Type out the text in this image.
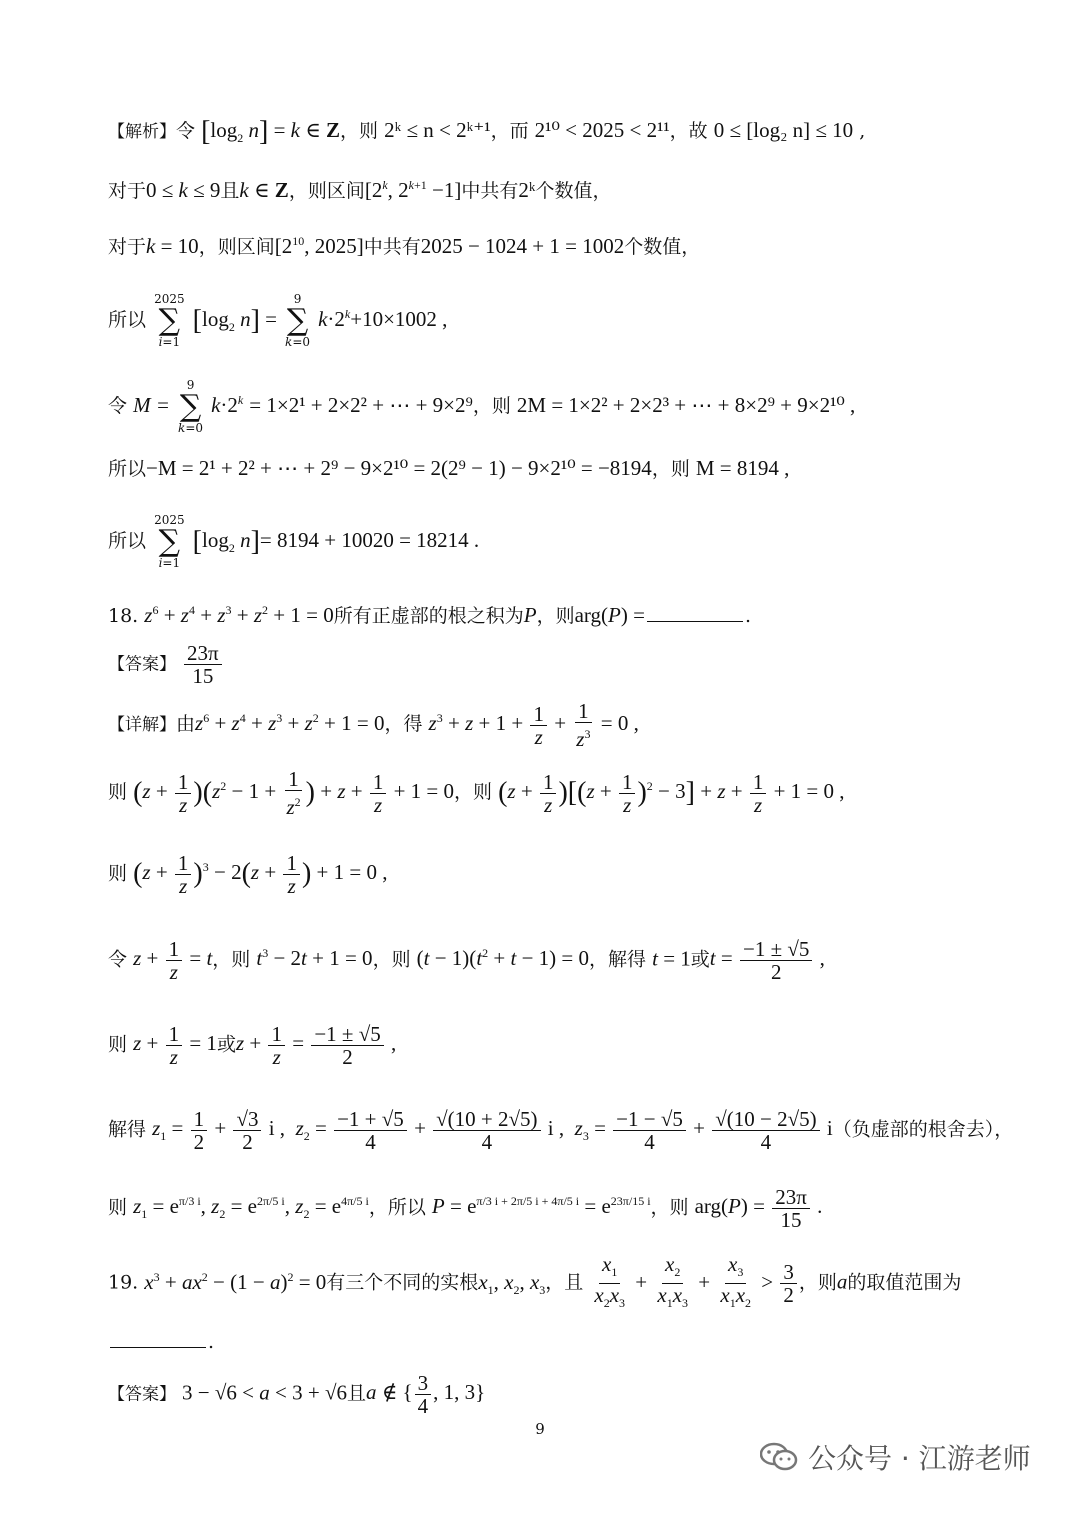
【解析】令 [$\log_2$ n] = k ∈ Z，则 2ᵏ ≤ n < 2ᵏ⁺¹，而 2¹⁰ < 2025 < 2¹¹，故 0 ≤ [log₂ n] ≤ 10 ,
对于0 ≤ k ≤ 9且k ∈ Z，则区间[2$^k$, $2^{k+1} -1$]中共有2ᵏ个数值，
对于k = 10，则区间[$2^{10}$, 2025]中共有2025 − 1024 + 1 = 1002个数值，
所以
2025
∑
i=1
[$\log_2$ n] =
9
∑
k=0
$k\cdot 2^k+10\times 1002$ ,
令 M =
9
∑
k=0
$k\cdot 2^k = 1\times 2^1 + 2\times 2^2$ + ⋯ + 9×2⁹，则 2M = 1×2² + 2×2³ + ⋯ + 8×2⁹ + 9×2¹⁰ ,
所以−M = 2¹ + 2² + ⋯ + 2⁹ − 9×2¹⁰ = 2(2⁹ − 1) − 9×2¹⁰ = −8194，则 M = 8194 ,
所以
2025
∑
i=1
[$\log_2$ n]= 8194 + 10020 = 18214 .
18. $z^6 + z^4 + z^3 + z^2 + 1 = 0$所有正虚部的根之积为P，则arg(P) =	.
【答案】 $\frac{23\pi}{15}$
【详解】由$z^6 + z^4 + z^3 + z^2 + 1 = 0$，得 $z^3 + z + 1 + \frac{1}{z} + \frac{1}{z^3} = 0$ ,
则 $(z + \frac{1}{z} )(z^2 - 1 + \frac{1}{z^2}$ ) + $z + \frac{1}{z} + 1 = 0$，则 $(z + \frac{1}{z} )[(z + \frac{1}{z} )^2 - 3] + z + \frac{1}{z} + 1 = 0$ ,
则 $(z + \frac{1}{z} )^3 - 2(z + \frac{1}{z}$ ) + 1 = 0 ,
令 $z + \frac{1}{z} = t$，则 $t^3 - 2t + 1 = 0$，则 $(t - 1)(t^2 + t - 1) = 0$，解得 t = 1或$t = \frac{-1 \pm √5}{2}$ ,
则 $z + \frac{1}{z} = 1$或$z + \frac{1}{z} = \frac{-1 \pm √5}{2}$ ,
解得 $z_1 = \frac{1}{2} + \frac{√3}{2}$ i ,  $z_2 = \frac{-1 + √5}{4} + \frac{√(10 + 2√5)}{4}$ i ,  $z_3 = \frac{-1 - √5}{4} + \frac{√(10 - 2√5)}{4} i$（负虚部的根舍去），
则 $z_1 = e^{\pi/3 i}$, $z_2 = e^{2\pi/5 i}$, $z_2 = e^{4\pi/5 i}$，所以 $P = e^{\pi/3 i + 2\pi/5 i + 4\pi/5 i} = e^{23\pi/15 i}$，则 $arg(P) = \frac{23\pi}{15}$ .
19. $x^3 + ax^2 - (1 - a)^2 = 0$有三个不同的实根$x_1$, $x_2$, $x_3$，且 $\frac{x_1}{x_2x_3} + \frac{x_2}{x_1x_3} + \frac{x_3}{x_1x_2} > \frac{3}{2}$ ，则a的取值范围为
.
【答案】 3 − √6 < a < 3 + √6且a ∉ { $\frac{3}{4}$ , 1, 3}
9
公众号 · 江游老师
